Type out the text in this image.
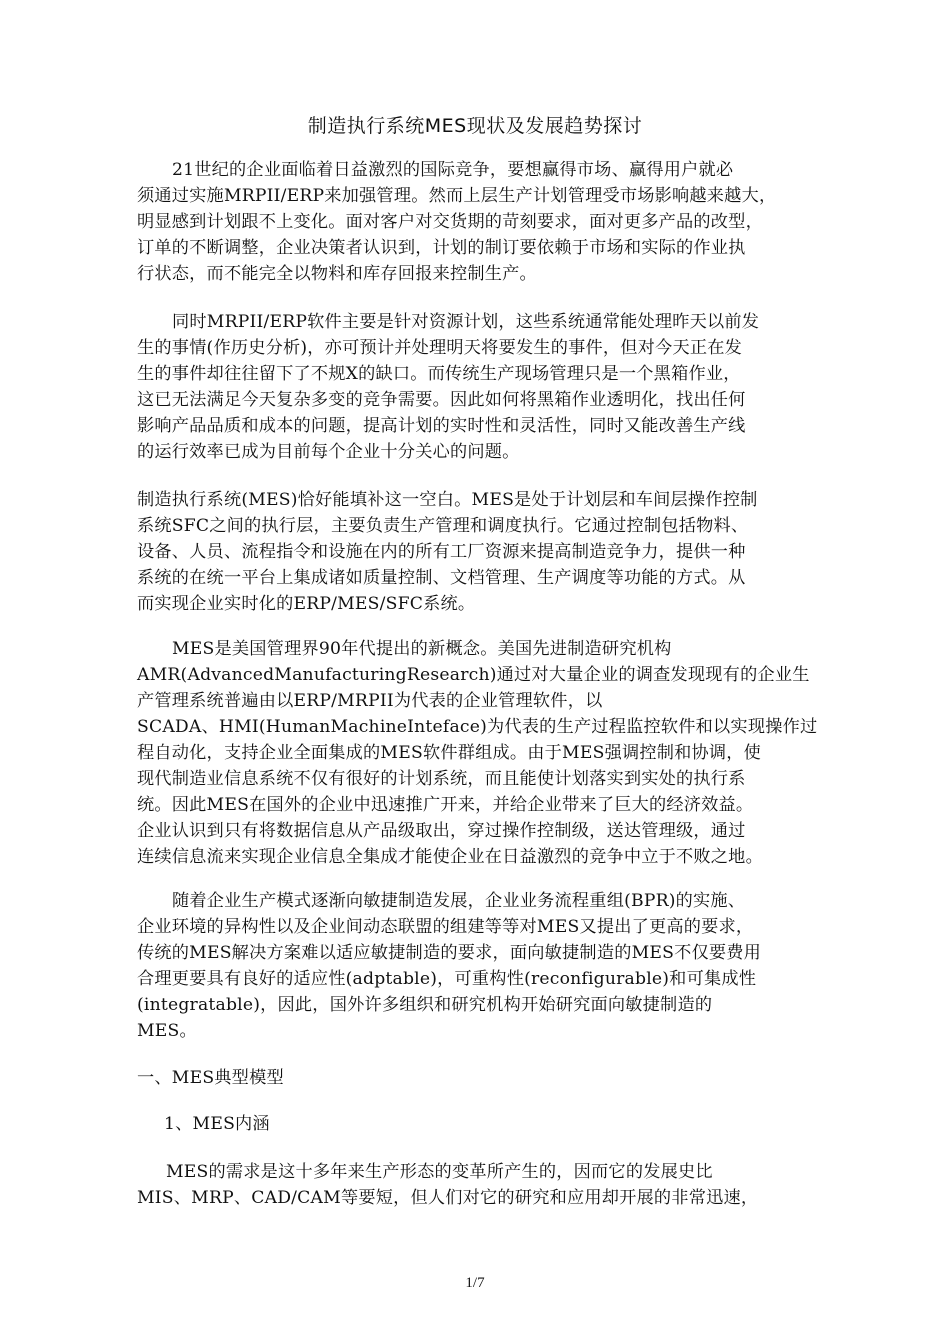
制造执行系统MES现状及发展趋势探讨
21世纪的企业面临着日益激烈的国际竞争，要想赢得市场、赢得用户就必
须通过实施MRPII/ERP来加强管理。然而上层生产计划管理受市场影响越来越大，
明显感到计划跟不上变化。面对客户对交货期的苛刻要求，面对更多产品的改型，
订单的不断调整，企业决策者认识到，计划的制订要依赖于市场和实际的作业执
行状态，而不能完全以物料和库存回报来控制生产。
同时MRPII/ERP软件主要是针对资源计划，这些系统通常能处理昨天以前发
生的事情(作历史分析)，亦可预计并处理明天将要发生的事件，但对今天正在发
生的事件却往往留下了不规X的缺口。而传统生产现场管理只是一个黑箱作业，
这已无法满足今天复杂多变的竞争需要。因此如何将黑箱作业透明化，找出任何
影响产品品质和成本的问题，提高计划的实时性和灵活性，同时又能改善生产线
的运行效率已成为目前每个企业十分关心的问题。
制造执行系统(MES)恰好能填补这一空白。MES是处于计划层和车间层操作控制
系统SFC之间的执行层，主要负责生产管理和调度执行。它通过控制包括物料、
设备、人员、流程指令和设施在内的所有工厂资源来提高制造竞争力，提供一种
系统的在统一平台上集成诸如质量控制、文档管理、生产调度等功能的方式。从
而实现企业实时化的ERP/MES/SFC系统。
MES是美国管理界90年代提出的新概念。美国先进制造研究机构
AMR(AdvancedManufacturingResearch)通过对大量企业的调查发现现有的企业生
产管理系统普遍由以ERP/MRPII为代表的企业管理软件，以
SCADA、HMI(HumanMachineInteface)为代表的生产过程监控软件和以实现操作过
程自动化，支持企业全面集成的MES软件群组成。由于MES强调控制和协调，使
现代制造业信息系统不仅有很好的计划系统，而且能使计划落实到实处的执行系
统。因此MES在国外的企业中迅速推广开来，并给企业带来了巨大的经济效益。
企业认识到只有将数据信息从产品级取出，穿过操作控制级，送达管理级，通过
连续信息流来实现企业信息全集成才能使企业在日益激烈的竞争中立于不败之地。
随着企业生产模式逐渐向敏捷制造发展，企业业务流程重组(BPR)的实施、
企业环境的异构性以及企业间动态联盟的组建等等对MES又提出了更高的要求，
传统的MES解决方案难以适应敏捷制造的要求，面向敏捷制造的MES不仅要费用
合理更要具有良好的适应性(adptable)，可重构性(reconfigurable)和可集成性
(integratable)，因此，国外许多组织和研究机构开始研究面向敏捷制造的
MES。
一、MES典型模型
1、MES内涵
MES的需求是这十多年来生产形态的变革所产生的，因而它的发展史比
MIS、MRP、CAD/CAM等要短，但人们对它的研究和应用却开展的非常迅速，
1/7
